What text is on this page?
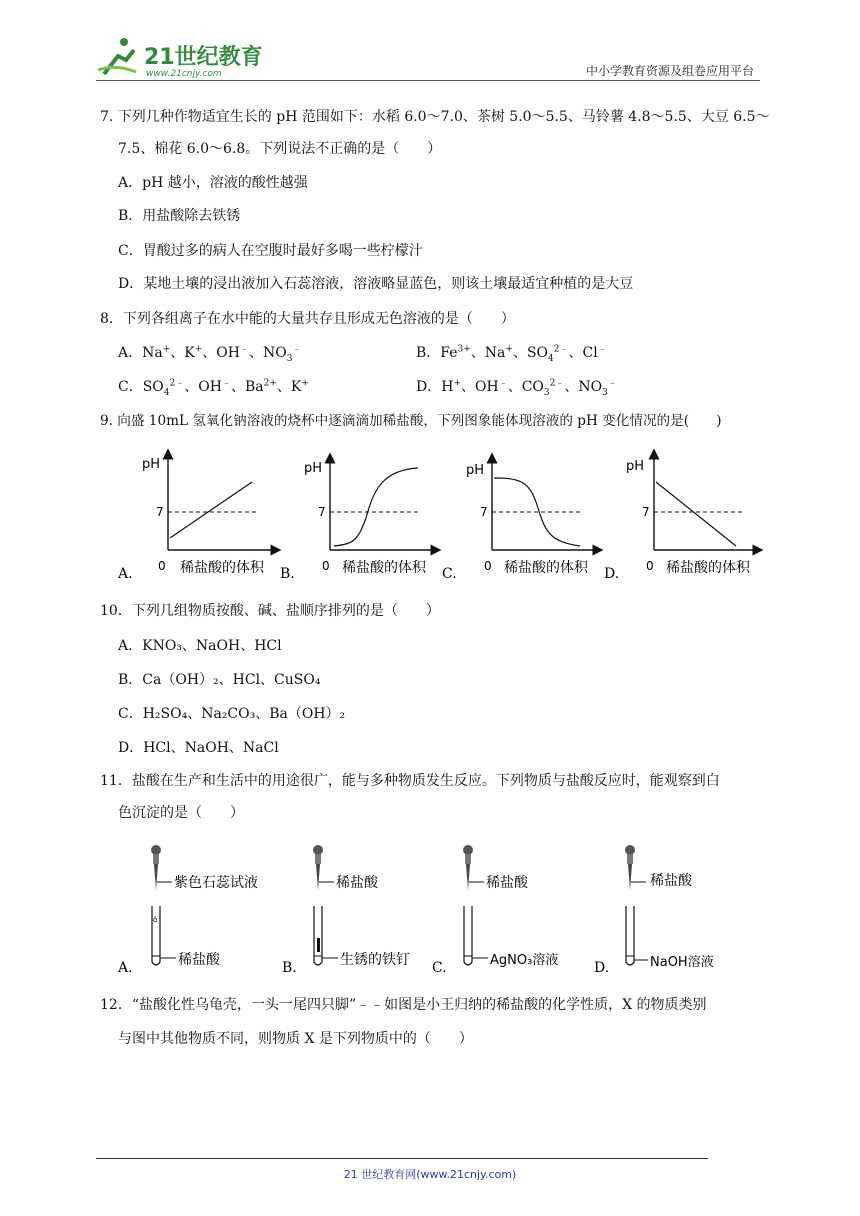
21世纪教育
www.21cnjy.com	中小学教育资源及组卷应用平台
7. 下列几种作物适宜生长的 pH 范围如下：水稻 6.0～7.0、茶树 5.0～5.5、马铃薯 4.8～5.5、大豆 6.5～
7.5、棉花 6.0～6.8。下列说法不正确的是（　　）
A．pH 越小，溶液的酸性越强
B．用盐酸除去铁锈
C．胃酸过多的病人在空腹时最好多喝一些柠檬汁
D．某地土壤的浸出液加入石蕊溶液，溶液略显蓝色，则该土壤最适宜种植的是大豆
8．下列各组离子在水中能的大量共存且形成无色溶液的是（　　）
A．Na+、K+、OH﹣、$NO_3^﹣$	B．$Fe^{3+}$、Na+、$SO_4^{2﹣}$、Cl﹣
C．$SO_4^{2﹣}$、OH﹣、$Ba^{2+}$、K+	D．H+、OH﹣、$CO_3^{2﹣}$、$NO_3^﹣$
9. 向盛 10mL 氢氧化钠溶液的烧杯中逐滴滴加稀盐酸，下列图象能体现溶液的 pH 变化情况的是(　　)
pH
7
0 稀盐酸的体积
A.
pH
7
0 稀盐酸的体积
B.
pH
7
0 稀盐酸的体积
C.
pH
7
0 稀盐酸的体积
D.
10．下列几组物质按酸、碱、盐顺序排列的是（　　）
A．KNO₃、NaOH、HCl
B．Ca（OH）₂、HCl、CuSO₄
C．H₂SO₄、Na₂CO₃、Ba（OH）₂
D．HCl、NaOH、NaCl
11．盐酸在生产和生活中的用途很广，能与多种物质发生反应。下列物质与盐酸反应时，能观察到白
色沉淀的是（　　）
紫色石蕊试液
ô
稀盐酸
A.
稀盐酸
生锈的铁钉
B.
稀盐酸
AgNO₃溶液
C.
稀盐酸
NaOH溶液
D.
12．“盐酸化性乌龟壳，一头一尾四只脚”﹣﹣如图是小王归纳的稀盐酸的化学性质，X 的物质类别
与图中其他物质不同，则物质 X 是下列物质中的（　　）
21 世纪教育网(www.21cnjy.com)
